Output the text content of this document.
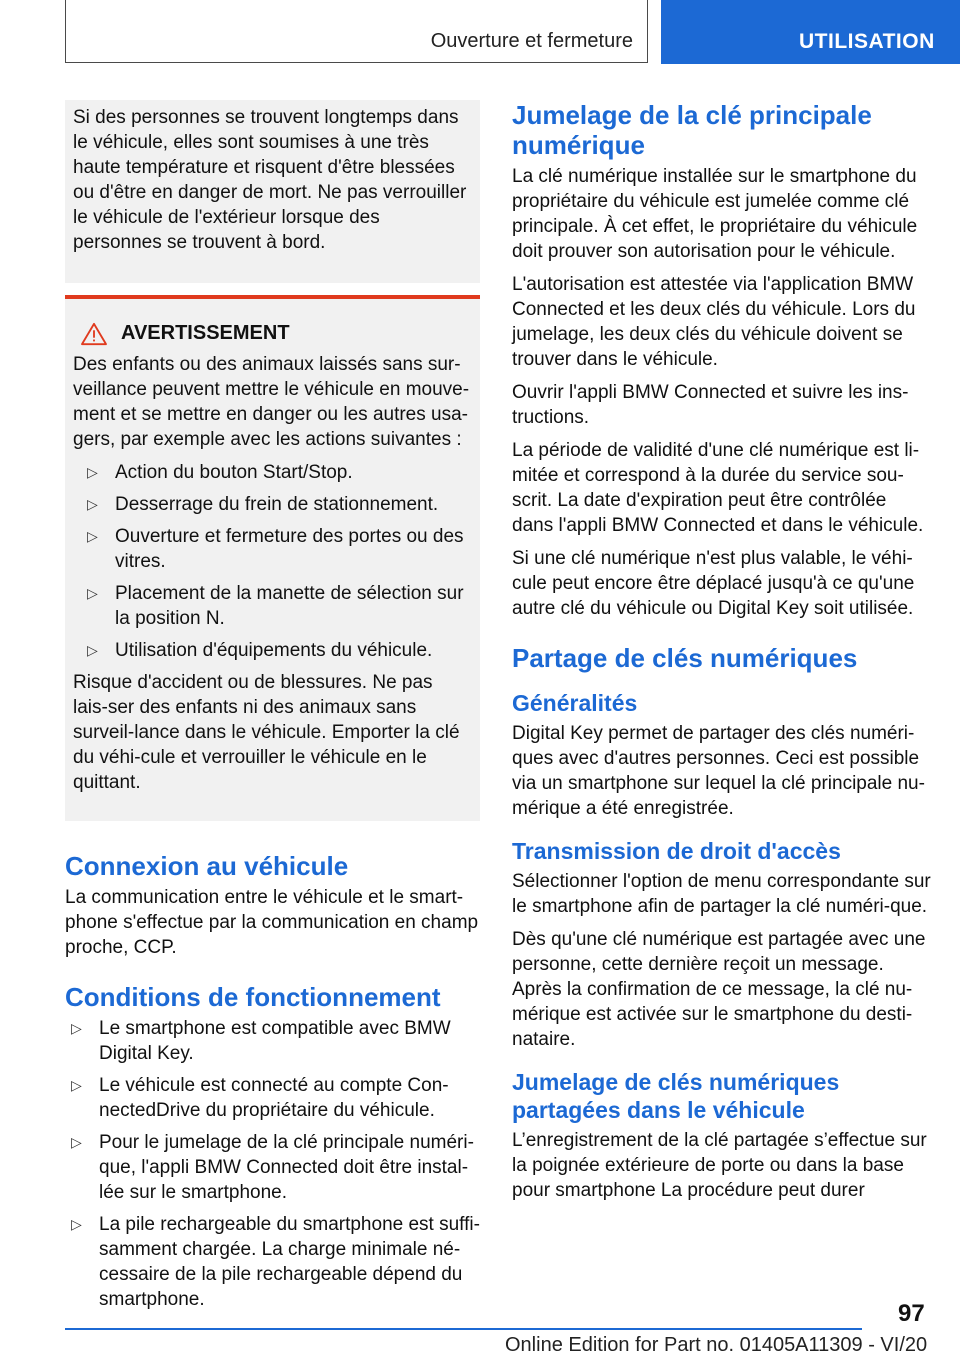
Ouverture et fermeture	UTILISATION

Si des personnes se trouvent longtemps dans le véhicule, elles sont soumises à une très haute température et risquent d'être blessées ou d'être en danger de mort. Ne pas verrouiller le véhicule de l'extérieur lorsque des personnes se trouvent à bord.

AVERTISSEMENT

Des enfants ou des animaux laissés sans sur‐veillance peuvent mettre le véhicule en mouve‐ment et se mettre en danger ou les autres usa‐gers, par exemple avec les actions suivantes :

▷ Action du bouton Start/Stop.
▷ Desserrage du frein de stationnement.
▷ Ouverture et fermeture des portes ou des vitres.
▷ Placement de la manette de sélection sur la position N.
▷ Utilisation d'équipements du véhicule.

Risque d'accident ou de blessures. Ne pas lais‐ser des enfants ni des animaux sans surveil‐lance dans le véhicule. Emporter la clé du véhi‐cule et verrouiller le véhicule en le quittant.

Connexion au véhicule

La communication entre le véhicule et le smart‐phone s'effectue par la communication en champ proche, CCP.

Conditions de fonctionnement
▷ Le smartphone est compatible avec BMW Digital Key.
▷ Le véhicule est connecté au compte Con‐nectedDrive du propriétaire du véhicule.
▷ Pour le jumelage de la clé principale numéri‐que, l'appli BMW Connected doit être instal‐lée sur le smartphone.
▷ La pile rechargeable du smartphone est suffi‐samment chargée. La charge minimale né‐cessaire de la pile rechargeable dépend du smartphone.
Jumelage de la clé principale numérique

La clé numérique installée sur le smartphone du propriétaire du véhicule est jumelée comme clé principale. À cet effet, le propriétaire du véhicule doit prouver son autorisation pour le véhicule.

L'autorisation est attestée via l'application BMW Connected et les deux clés du véhicule. Lors du jumelage, les deux clés du véhicule doivent se trouver dans le véhicule.

Ouvrir l'appli BMW Connected et suivre les ins‐tructions.

La période de validité d'une clé numérique est li‐mitée et correspond à la durée du service sou‐scrit. La date d'expiration peut être contrôlée dans l'appli BMW Connected et dans le véhicule.

Si une clé numérique n'est plus valable, le véhi‐cule peut encore être déplacé jusqu'à ce qu'une autre clé du véhicule ou Digital Key soit utilisée.

Partage de clés numériques
Généralités

Digital Key permet de partager des clés numéri‐ques avec d'autres personnes. Ceci est possible via un smartphone sur lequel la clé principale nu‐mérique a été enregistrée.

Transmission de droit d'accès

Sélectionner l'option de menu correspondante sur le smartphone afin de partager la clé numéri‐que.

Dès qu'une clé numérique est partagée avec une personne, cette dernière reçoit un message. Après la confirmation de ce message, la clé nu‐mérique est activée sur le smartphone du desti‐nataire.

Jumelage de clés numériques partagées dans le véhicule

L’enregistrement de la clé partagée s’effectue sur la poignée extérieure de porte ou dans la base pour smartphone La procédure peut durer

97
Online Edition for Part no. 01405A11309 - VI/20
